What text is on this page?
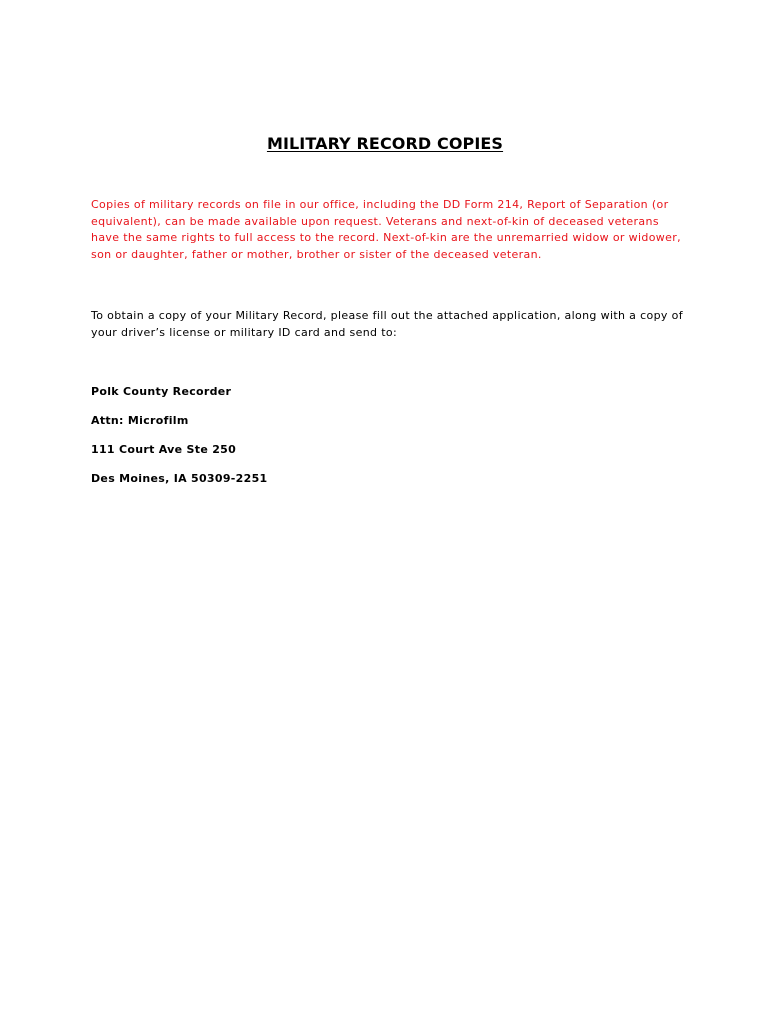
MILITARY RECORD COPIES

Copies of military records on file in our office, including the DD Form 214, Report of Separation (or equivalent), can be made available upon request. Veterans and next-of-kin of deceased veterans have the same rights to full access to the record. Next-of-kin are the unremarried widow or widower, son or daughter, father or mother, brother or sister of the deceased veteran.

To obtain a copy of your Military Record, please fill out the attached application, along with a copy of your driver’s license or military ID card and send to:

Polk County Recorder
Attn: Microfilm
111 Court Ave Ste 250
Des Moines, IA 50309-2251
